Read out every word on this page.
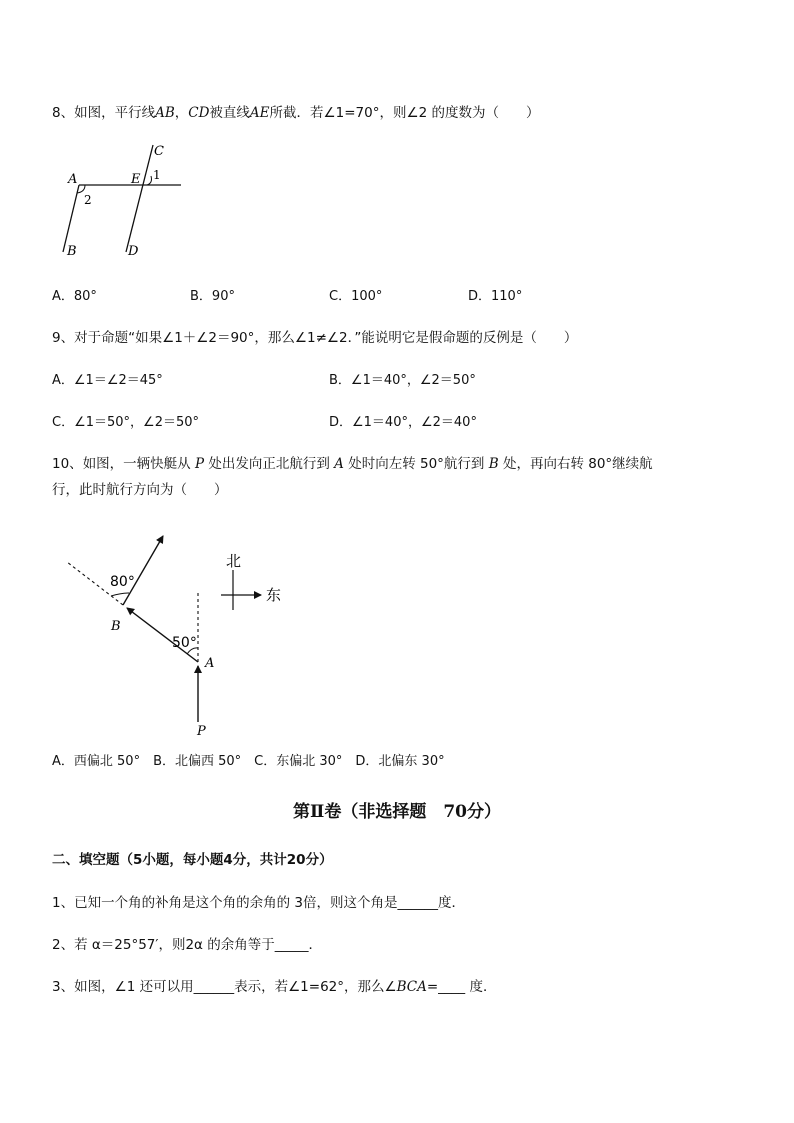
8、如图，平行线AB，CD被直线AE所截．若∠1=70°，则∠2 的度数为（　　）
A	E
C
1
2
B	D
A．80°	B．90°	C．100°	D．110°
9、对于命题“如果∠1＋∠2＝90°，那么∠1≠∠2．”能说明它是假命题的反例是（　　）
A．∠1＝∠2＝45°	B．∠1＝40°，∠2＝50°
C．∠1＝50°，∠2＝50°	D．∠1＝40°，∠2＝40°
10、如图，一辆快艇从 P 处出发向正北航行到 A 处时向左转 50°航行到 B 处，再向右转 80°继续航
行，此时航行方向为（　　）
80°
50°
B
A
P
北
东
A．西偏北 50°　B．北偏西 50°　C．东偏北 30°　D．北偏东 30°
第Ⅱ卷（非选择题　70分）
二、填空题（5小题，每小题4分，共计20分）
1、已知一个角的补角是这个角的余角的 3倍，则这个角是______度．
2、若 α＝25°57′，则2α 的余角等于_____．
3、如图，∠1 还可以用______表示，若∠1=62°，那么∠BCA=____ 度．
